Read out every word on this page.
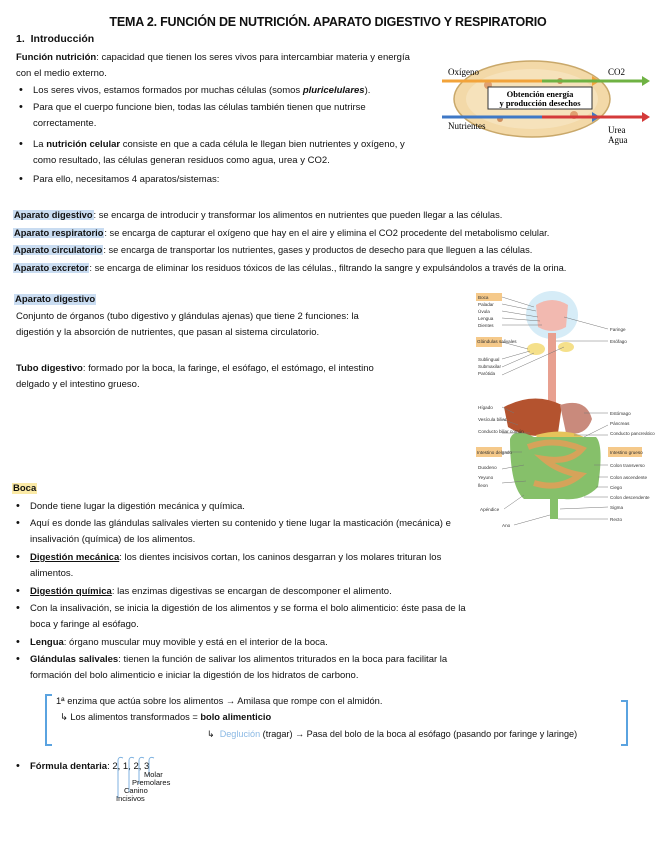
TEMA 2. FUNCIÓN DE NUTRICIÓN. APARATO DIGESTIVO Y RESPIRATORIO
1. Introducción
Función nutrición: capacidad que tienen los seres vivos para intercambiar materia y energía
con el medio externo.
• Los seres vivos, estamos formados por muchas células (somos pluricelulares).
• Para que el cuerpo funcione bien, todas las células también tienen que nutrirse
correctamente.
• La nutrición celular consiste en que a cada célula le llegan bien nutrientes y oxígeno, y
como resultado, las células generan residuos como agua, urea y CO2.
• Para ello, necesitamos 4 aparatos/sistemas:
Oxígeno	CO2
Obtención energía
y producción desechos
Nutrientes	Urea
Agua
Aparato digestivo: se encarga de introducir y transformar los alimentos en nutrientes que pueden llegar a las células.
Aparato respiratorio: se encarga de capturar el oxígeno que hay en el aire y elimina el CO2 procedente del metabolismo celular.
Aparato circulatorio: se encarga de transportar los nutrientes, gases y productos de desecho para que lleguen a las células.
Aparato excretor: se encarga de eliminar los residuos tóxicos de las células., filtrando la sangre y expulsándolos a través de la orina.
Aparato digestivo
Conjunto de órganos (tubo digestivo y glándulas ajenas) que tiene 2 funciones: la
digestión y la absorción de nutrientes, que pasan al sistema circulatorio.
Tubo digestivo: formado por la boca, la faringe, el esófago, el estómago, el intestino
delgado y el intestino grueso.
Boca
Paladar
Úvula
Lengua
Dientes
Glándulas salivales
Sublingual
Submaxilar
Parótida
Hígado
Vesícula biliar
Conducto biliar común
Intestino delgado
Duodeno
Yeyuno
Íleon
Apéndice
Ano
Faringe
Esófago
Estómago
Páncreas
Conducto pancreático
Intestino grueso
Colon transverso
Colon ascendente
Ciego
Colon descendente
Sigma
Recto
Boca
• Donde tiene lugar la digestión mecánica y química.
• Aquí es donde las glándulas salivales vierten su contenido y tiene lugar la masticación (mecánica) e
insalivación (química) de los alimentos.
• Digestión mecánica: los dientes incisivos cortan, los caninos desgarran y los molares trituran los
alimentos.
• Digestión química: las enzimas digestivas se encargan de descomponer el alimento.
• Con la insalivación, se inicia la digestión de los alimentos y se forma el bolo alimenticio: éste pasa de la
boca y faringe al esófago.
• Lengua: órgano muscular muy movible y está en el interior de la boca.
• Glándulas salivales: tienen la función de salivar los alimentos triturados en la boca para facilitar la
formación del bolo alimenticio e iniciar la digestión de los hidratos de carbono.
1ª enzima que actúa sobre los alimentos → Amilasa que rompe con el almidón.
↳ Los alimentos transformados = bolo alimenticio
↳ Deglución (tragar) → Pasa del bolo de la boca al esófago (pasando por faringe y laringe)
• Fórmula dentaria: 2, 1, 2, 3
Molar
Premolares
Canino
Incisivos
